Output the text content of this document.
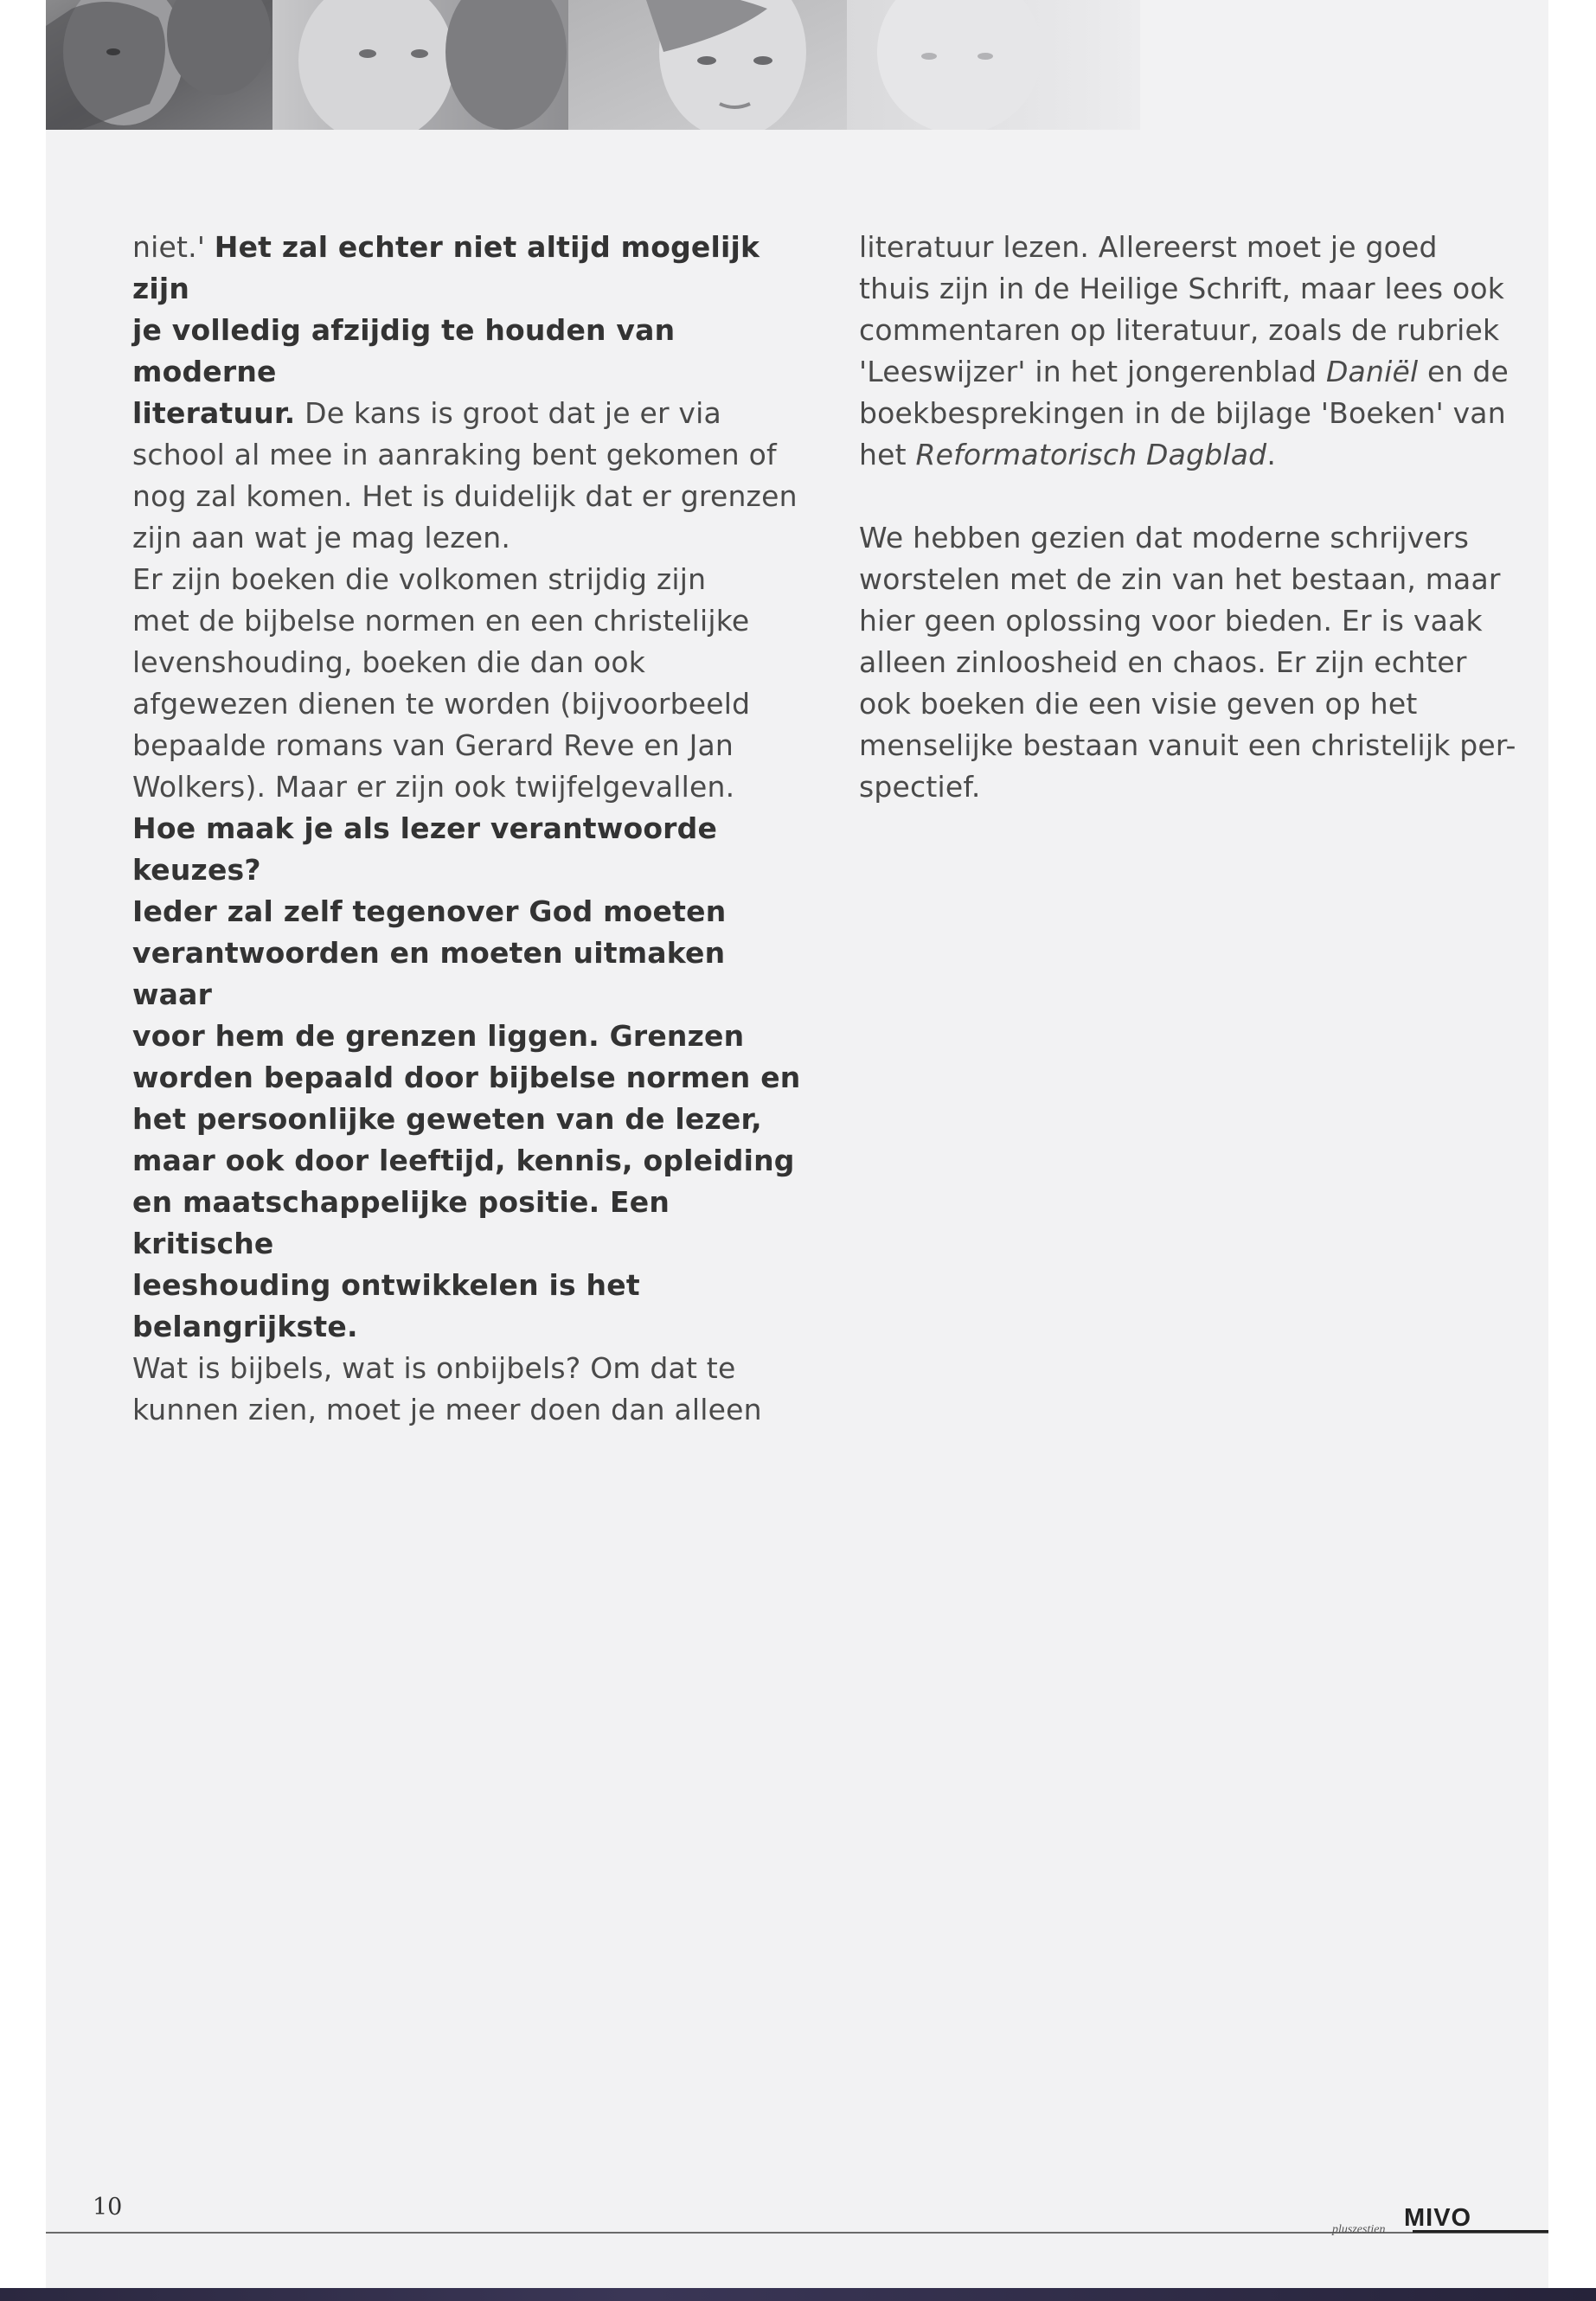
niet.' Het zal echter niet altijd mogelijk zijn

je volledig afzijdig te houden van moderne

literatuur. De kans is groot dat je er via

school al mee in aanraking bent gekomen of

nog zal komen. Het is duidelijk dat er grenzen

zijn aan wat je mag lezen.

Er zijn boeken die volkomen strijdig zijn

met de bijbelse normen en een christelijke

levenshouding, boeken die dan ook

afgewezen dienen te worden (bijvoorbeeld

bepaalde romans van Gerard Reve en Jan

Wolkers). Maar er zijn ook twijfelgevallen.

Hoe maak je als lezer verantwoorde keuzes?

Ieder zal zelf tegenover God moeten

verantwoorden en moeten uitmaken waar

voor hem de grenzen liggen. Grenzen

worden bepaald door bijbelse normen en

het persoonlijke geweten van de lezer,

maar ook door leeftijd, kennis, opleiding

en maatschappelijke positie. Een kritische

leeshouding ontwikkelen is het belangrijkste.

Wat is bijbels, wat is onbijbels? Om dat te

kunnen zien, moet je meer doen dan alleen

literatuur lezen. Allereerst moet je goed

thuis zijn in de Heilige Schrift, maar lees ook

commentaren op literatuur, zoals de rubriek

'Leeswijzer' in het jongerenblad Daniël en de

boekbesprekingen in de bijlage 'Boeken' van

het Reformatorisch Dagblad.

We hebben gezien dat moderne schrijvers

worstelen met de zin van het bestaan, maar

hier geen oplossing voor bieden. Er is vaak

alleen zinloosheid en chaos. Er zijn echter

ook boeken die een visie geven op het

menselijke bestaan vanuit een christelijk per-

spectief.

10	MIVO
pluszestien
